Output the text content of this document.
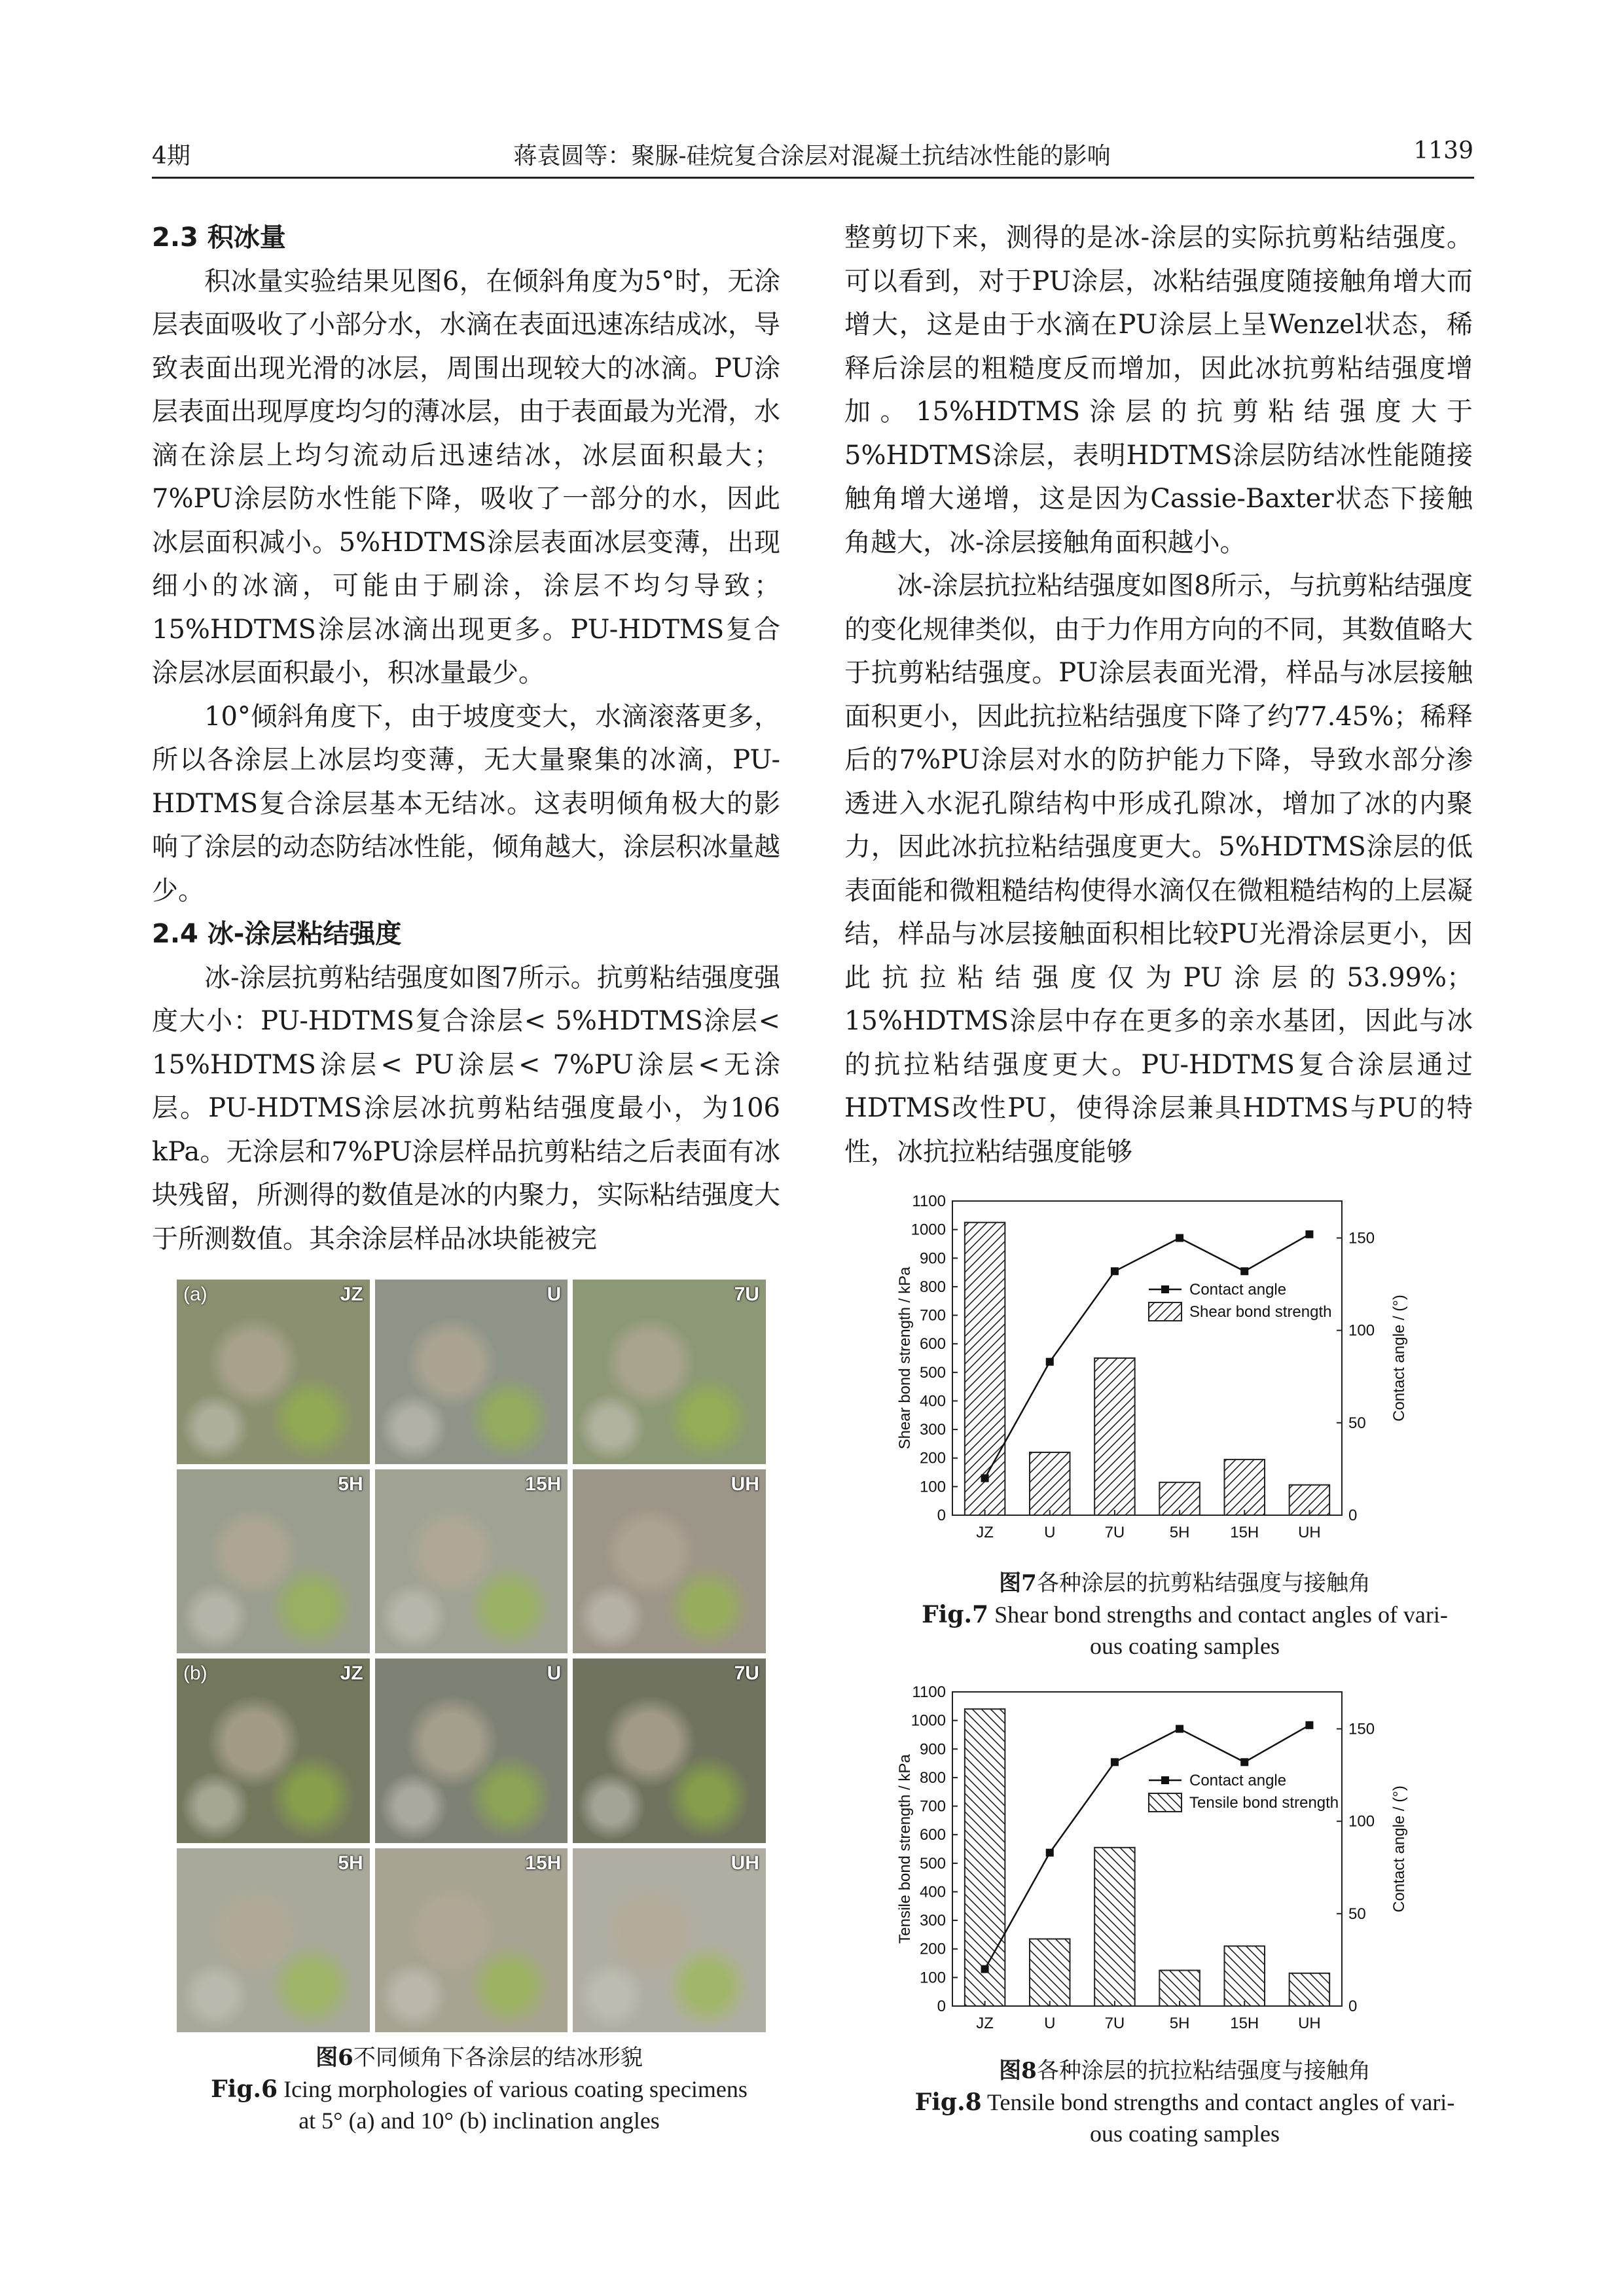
4期	蒋袁圆等：聚脲-硅烷复合涂层对混凝土抗结冰性能的影响	1139
2.3 积冰量

积冰量实验结果见图6，在倾斜角度为5°时，无涂层表面吸收了小部分水，水滴在表面迅速冻结成冰，导致表面出现光滑的冰层，周围出现较大的冰滴。PU涂层表面出现厚度均匀的薄冰层，由于表面最为光滑，水滴在涂层上均匀流动后迅速结冰，冰层面积最大；7%PU涂层防水性能下降，吸收了一部分的水，因此冰层面积减小。5%HDTMS涂层表面冰层变薄，出现细小的冰滴，可能由于刷涂，涂层不均匀导致；15%HDTMS涂层冰滴出现更多。PU-HDTMS复合涂层冰层面积最小，积冰量最少。

10°倾斜角度下，由于坡度变大，水滴滚落更多，所以各涂层上冰层均变薄，无大量聚集的冰滴，PU-HDTMS复合涂层基本无结冰。这表明倾角极大的影响了涂层的动态防结冰性能，倾角越大，涂层积冰量越少。

2.4 冰-涂层粘结强度

冰-涂层抗剪粘结强度如图7所示。抗剪粘结强度强度大小：PU-HDTMS复合涂层< 5%HDTMS涂层< 15%HDTMS涂层< PU涂层< 7%PU涂层<无涂层。PU-HDTMS涂层冰抗剪粘结强度最小，为106 kPa。无涂层和7%PU涂层样品抗剪粘结之后表面有冰块残留，所测得的数值是冰的内聚力，实际粘结强度大于所测数值。其余涂层样品冰块能被完

整剪切下来，测得的是冰-涂层的实际抗剪粘结强度。可以看到，对于PU涂层，冰粘结强度随接触角增大而增大，这是由于水滴在PU涂层上呈Wenzel状态，稀释后涂层的粗糙度反而增加，因此冰抗剪粘结强度增加。15%HDTMS涂层的抗剪粘结强度大于5%HDTMS涂层，表明HDTMS涂层防结冰性能随接触角增大递增，这是因为Cassie-Baxter状态下接触角越大，冰-涂层接触角面积越小。

冰-涂层抗拉粘结强度如图8所示，与抗剪粘结强度的变化规律类似，由于力作用方向的不同，其数值略大于抗剪粘结强度。PU涂层表面光滑，样品与冰层接触面积更小，因此抗拉粘结强度下降了约77.45%；稀释后的7%PU涂层对水的防护能力下降，导致水部分渗透进入水泥孔隙结构中形成孔隙冰，增加了冰的内聚力，因此冰抗拉粘结强度更大。5%HDTMS涂层的低表面能和微粗糙结构使得水滴仅在微粗糙结构的上层凝结，样品与冰层接触面积相比较PU光滑涂层更小，因此抗拉粘结强度仅为PU涂层的53.99%；15%HDTMS涂层中存在更多的亲水基团，因此与冰的抗拉粘结强度更大。PU-HDTMS复合涂层通过HDTMS改性PU，使得涂层兼具HDTMS与PU的特性，冰抗拉粘结强度能够

JZ
(a)	U	7U
5H	15H	UH
JZ
(b)	U	7U
5H	15H	UH
图6不同倾角下各涂层的结冰形貌
Fig.6 Icing morphologies of various coating specimens
at 5° (a) and 10° (b) inclination angles
0
100
200
300
400
500
600
700
800
900
1000
1100
0
50
100
150
JZ	U	7U	5H	15H UH
Shear bond strength / kPa	Contact angle / (°)
Contact angle
Shear bond strength
图7各种涂层的抗剪粘结强度与接触角
Fig.7 Shear bond strengths and contact angles of vari-
ous coating samples
0
100
200
300
400
500
600
700
800
900
1000
1100
0
50
100
150
JZ	U	7U	5H	15H UH
Tensile bond strength / kPa	Contact angle / (°)
Contact angle
Tensile bond strength
图8各种涂层的抗拉粘结强度与接触角
Fig.8 Tensile bond strengths and contact angles of vari-
ous coating samples
